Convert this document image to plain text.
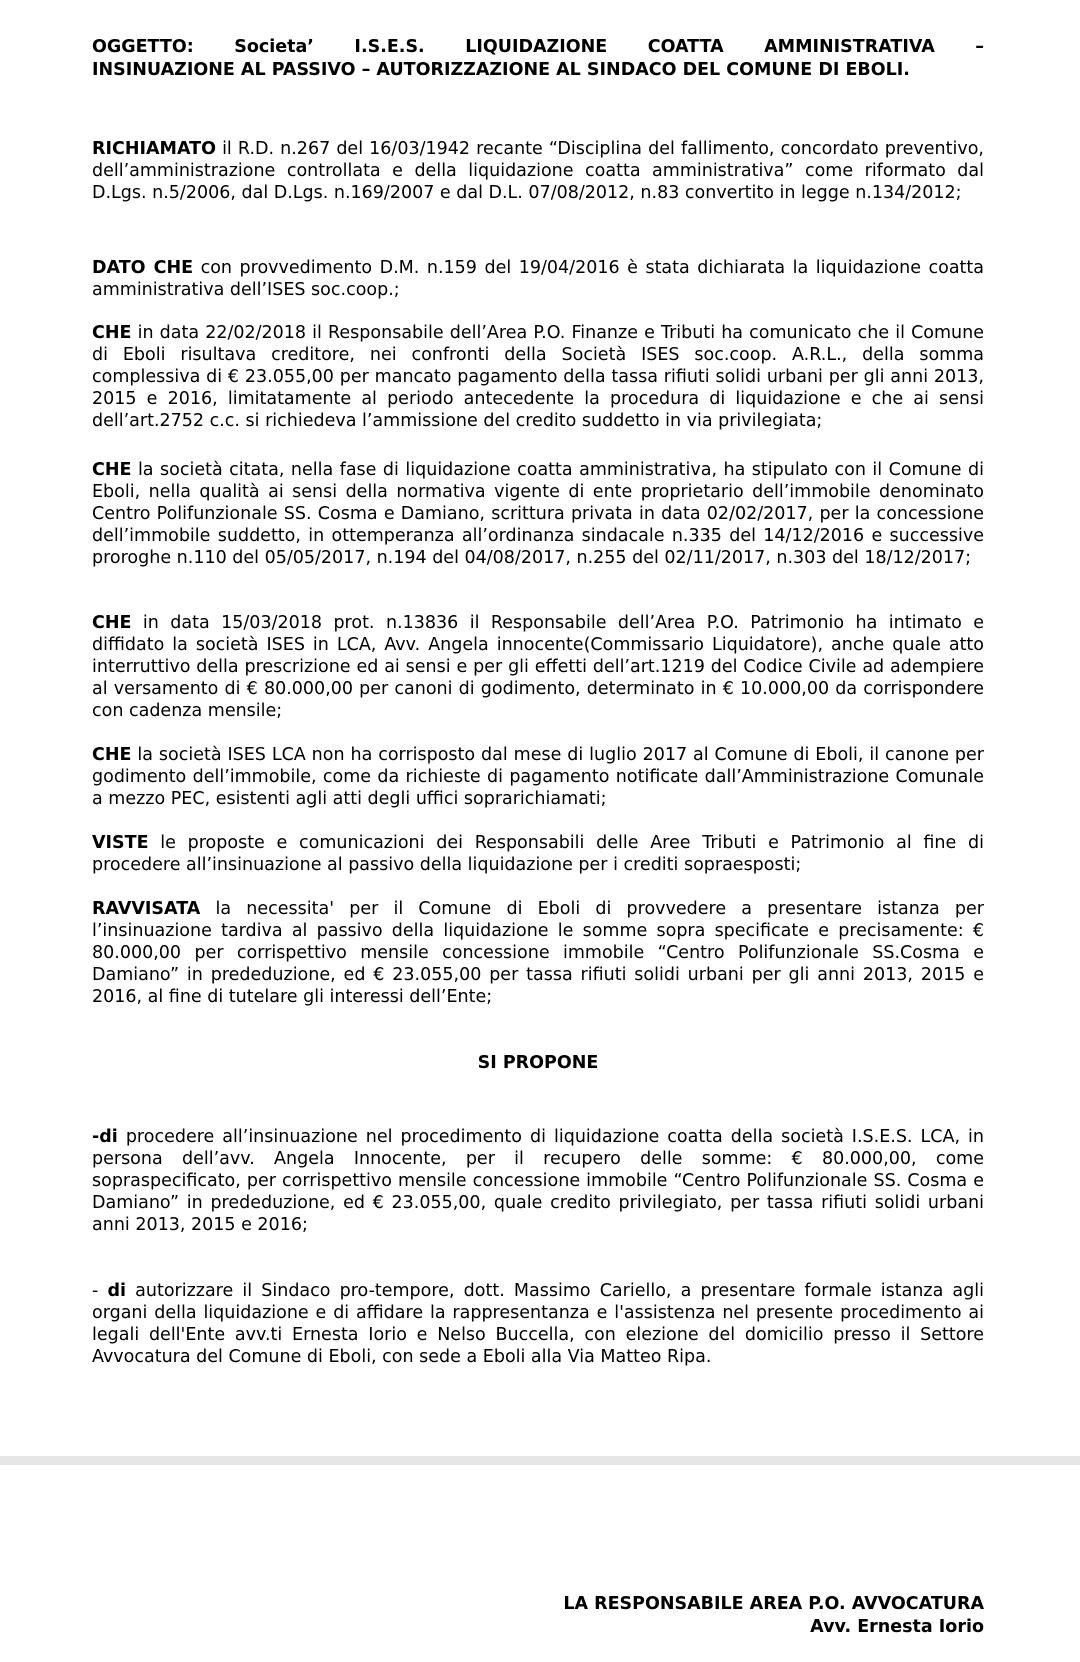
OGGETTO: Societa’ I.S.E.S. LIQUIDAZIONE COATTA AMMINISTRATIVA –
INSINUAZIONE AL PASSIVO – AUTORIZZAZIONE AL SINDACO DEL COMUNE DI EBOLI.

RICHIAMATO il R.D. n.267 del 16/03/1942 recante “Disciplina del fallimento, concordato preventivo, dell’amministrazione controllata e della liquidazione coatta amministrativa” come riformato dal D.Lgs. n.5/2006, dal D.Lgs. n.169/2007 e dal D.L. 07/08/2012, n.83 convertito in legge n.134/2012;

DATO CHE con provvedimento D.M. n.159 del 19/04/2016 è stata dichiarata la liquidazione coatta amministrativa dell’ISES soc.coop.;

CHE in data 22/02/2018 il Responsabile dell’Area P.O. Finanze e Tributi ha comunicato che il Comune di Eboli risultava creditore, nei confronti della Società ISES soc.coop. A.R.L., della somma complessiva di € 23.055,00 per mancato pagamento della tassa rifiuti solidi urbani per gli anni 2013, 2015 e 2016, limitatamente al periodo antecedente la procedura di liquidazione e che ai sensi dell’art.2752 c.c. si richiedeva l’ammissione del credito suddetto in via privilegiata;

CHE la società citata, nella fase di liquidazione coatta amministrativa, ha stipulato con il Comune di Eboli, nella qualità ai sensi della normativa vigente di ente proprietario dell’immobile denominato Centro Polifunzionale SS. Cosma e Damiano, scrittura privata in data 02/02/2017, per la concessione dell’immobile suddetto, in ottemperanza all’ordinanza sindacale n.335 del 14/12/2016 e successive proroghe n.110 del 05/05/2017, n.194 del 04/08/2017, n.255 del 02/11/2017, n.303 del 18/12/2017;

CHE in data 15/03/2018 prot. n.13836 il Responsabile dell’Area P.O. Patrimonio ha intimato e diffidato la società ISES in LCA, Avv. Angela innocente(Commissario Liquidatore), anche quale atto interruttivo della prescrizione ed ai sensi e per gli effetti dell’art.1219 del Codice Civile ad adempiere al versamento di € 80.000,00 per canoni di godimento, determinato in € 10.000,00 da corrispondere con cadenza mensile;

CHE la società ISES LCA non ha corrisposto dal mese di luglio 2017 al Comune di Eboli, il canone per godimento dell’immobile, come da richieste di pagamento notificate dall’Amministrazione Comunale a mezzo PEC, esistenti agli atti degli uffici soprarichiamati;

VISTE le proposte e comunicazioni dei Responsabili delle Aree Tributi e Patrimonio al fine di procedere all’insinuazione al passivo della liquidazione per i crediti sopraesposti;

RAVVISATA la necessita' per il Comune di Eboli di provvedere a presentare istanza per l’insinuazione tardiva al passivo della liquidazione le somme sopra specificate e precisamente: € 80.000,00 per corrispettivo mensile concessione immobile “Centro Polifunzionale SS.Cosma e Damiano” in prededuzione, ed € 23.055,00 per tassa rifiuti solidi urbani per gli anni 2013, 2015 e 2016, al fine di tutelare gli interessi dell’Ente;

SI PROPONE

-di procedere all’insinuazione nel procedimento di liquidazione coatta della società I.S.E.S. LCA, in persona dell’avv. Angela Innocente, per il recupero delle somme: € 80.000,00, come sopraspecificato, per corrispettivo mensile concessione immobile “Centro Polifunzionale SS. Cosma e Damiano” in prededuzione, ed € 23.055,00, quale credito privilegiato, per tassa rifiuti solidi urbani anni 2013, 2015 e 2016;

- di autorizzare il Sindaco pro-tempore, dott. Massimo Cariello, a presentare formale istanza agli organi della liquidazione e di affidare la rappresentanza e l'assistenza nel presente procedimento ai legali dell'Ente avv.ti Ernesta Iorio e Nelso Buccella, con elezione del domicilio presso il Settore Avvocatura del Comune di Eboli, con sede a Eboli alla Via Matteo Ripa.

LA RESPONSABILE AREA P.O. AVVOCATURA
Avv. Ernesta Iorio
